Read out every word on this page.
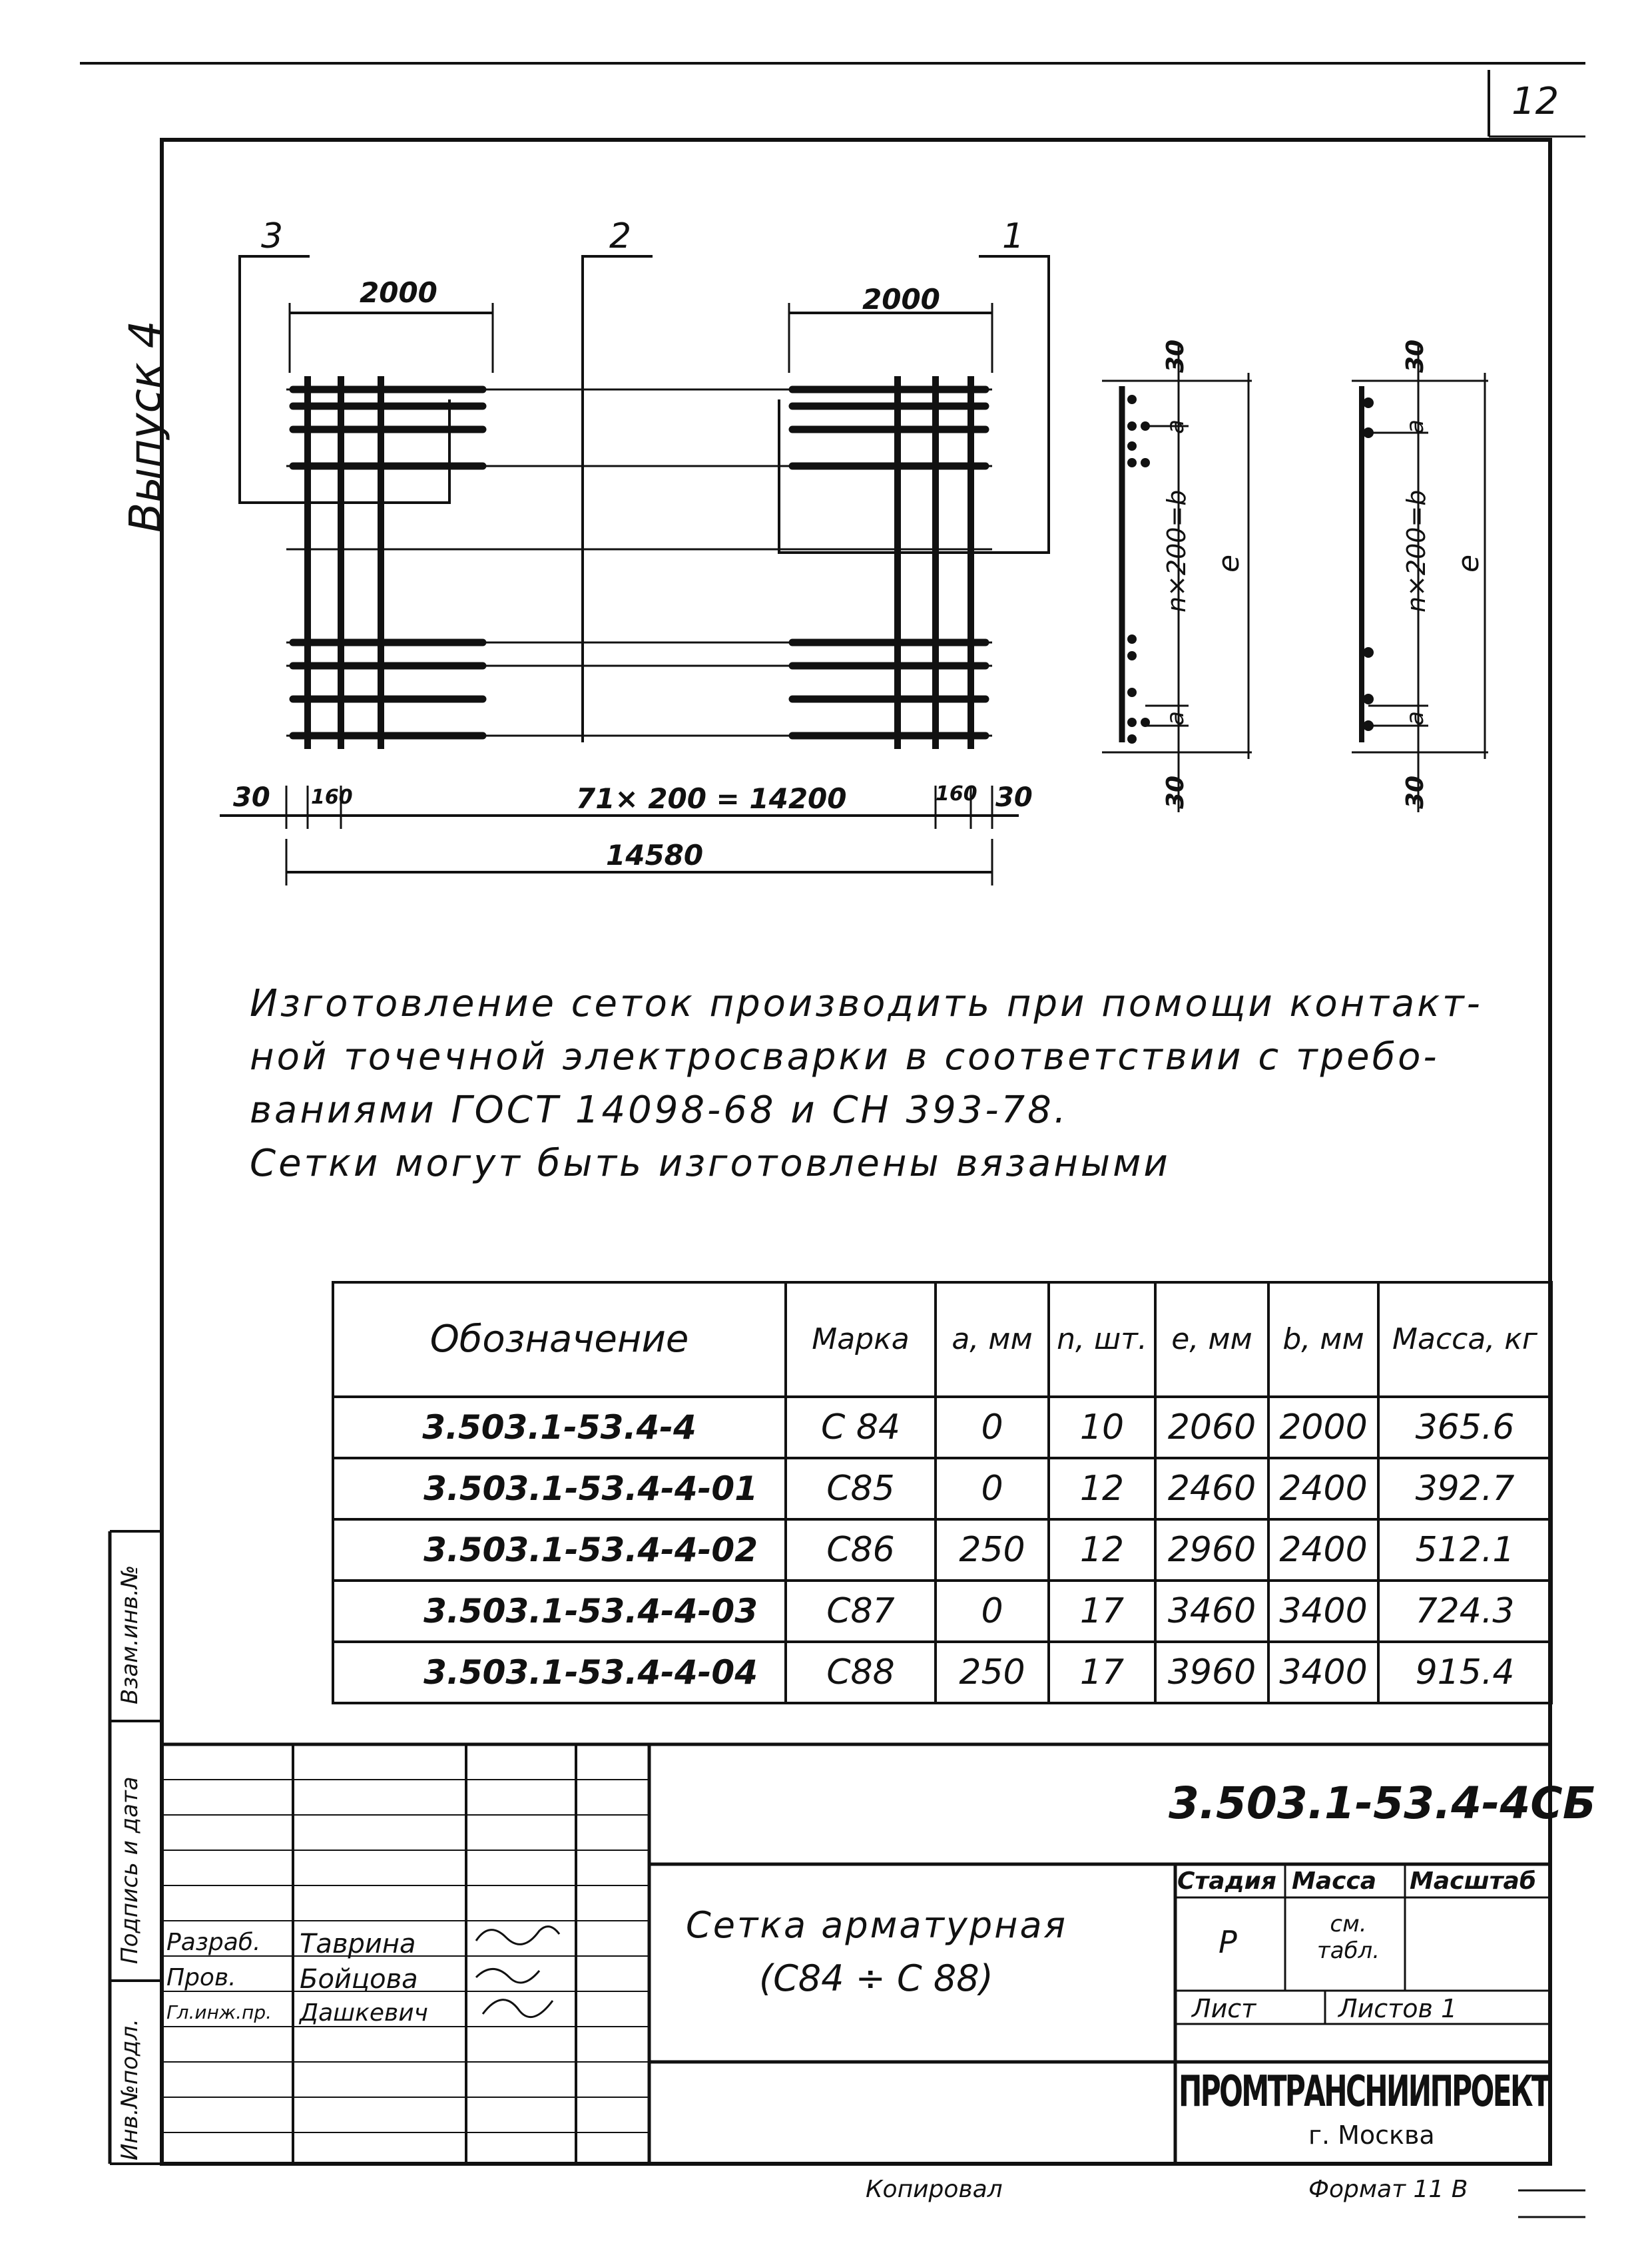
12
Выпуск 4
3	2	1
2000	2000
30 160	71× 200 = 14200	160 30
14580
30
a
n×200=b
a
30
e
30
a
n×200=b
a
30
e
Изготовление сеток производить при помощи контакт-
ной точечной электросварки в соответствии с требо-
ваниями ГОСТ 14098-68 и СН 393-78.
Сетки могут быть изготовлены вязаными
Обозначение	Марка	a, мм	n, шт.	e, мм	b, мм	Масса, кг
3.503.1-53.4-4	С 84	0	10	2060	2000	365.6
3.503.1-53.4-4-01	С85	0	12	2460	2400	392.7
3.503.1-53.4-4-02	С86	250	12	2960	2400	512.1
3.503.1-53.4-4-03	С87	0	17	3460	3400	724.3
3.503.1-53.4-4-04	С88	250	17	3960	3400	915.4
3.503.1-53.4-4СБ
Сетка арматурная
(С84 ÷ С 88)
Стадия Масса Масштаб
Р	см. табл.
Лист	Листов 1
ПРОМТРАНСНИИПРОЕКТ
г. Москва
Разраб. Таврина
Пров. Бойцова
Гл.инж.пр. Дашкевич
Инв.№подл.
Подпись и дата
Взам.инв.№
Копировал	Формат 11 В
